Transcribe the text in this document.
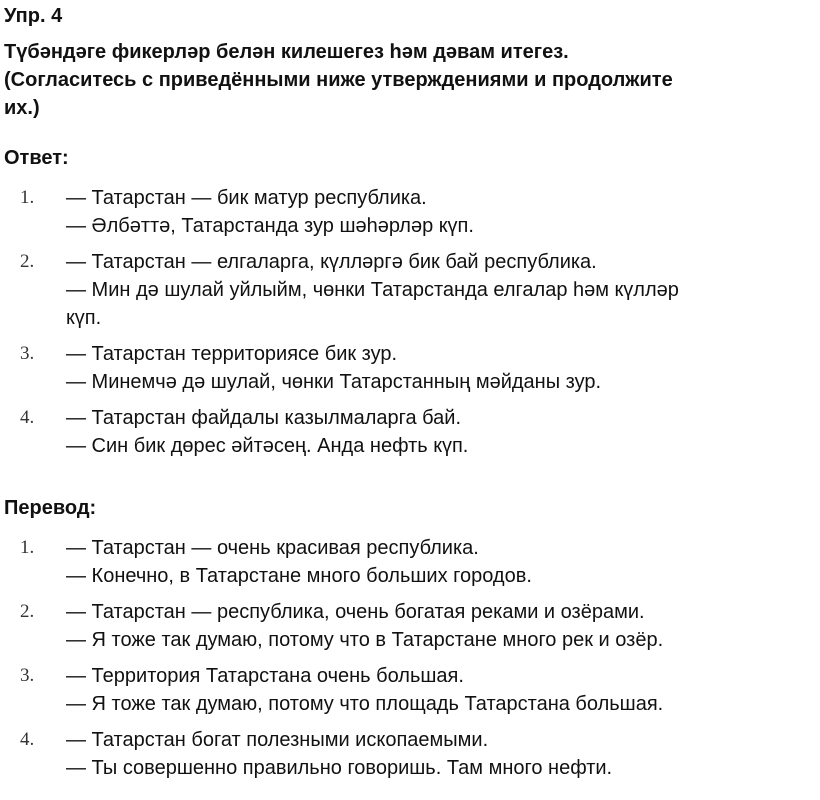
Упр. 4
Түбәндәге фикерләр белән килешегез һәм дәвам итегез.
(Согласитесь с приведёнными ниже утверждениями и продолжите
их.)
Ответ:
1.	— Татарстан — бик матур республика.
— Әлбәттә, Татарстанда зур шәһәрләр күп.
2.	— Татарстан — елгаларга, күлләргә бик бай республика.
— Мин дә шулай уйлыйм, чөнки Татарстанда елгалар һәм күлләр
күп.
3.	— Татарстан территориясе бик зур.
— Минемчә дә шулай, чөнки Татарстанның мәйданы зур.
4.	— Татарстан файдалы казылмаларга бай.
— Син бик дөрес әйтәсең. Анда нефть күп.
Перевод:
1.	— Татарстан — очень красивая республика.
— Конечно, в Татарстане много больших городов.
2.	— Татарстан — республика, очень богатая реками и озёрами.
— Я тоже так думаю, потому что в Татарстане много рек и озёр.
3.	— Территория Татарстана очень большая.
— Я тоже так думаю, потому что площадь Татарстана большая.
4.	— Татарстан богат полезными ископаемыми.
— Ты совершенно правильно говоришь. Там много нефти.
